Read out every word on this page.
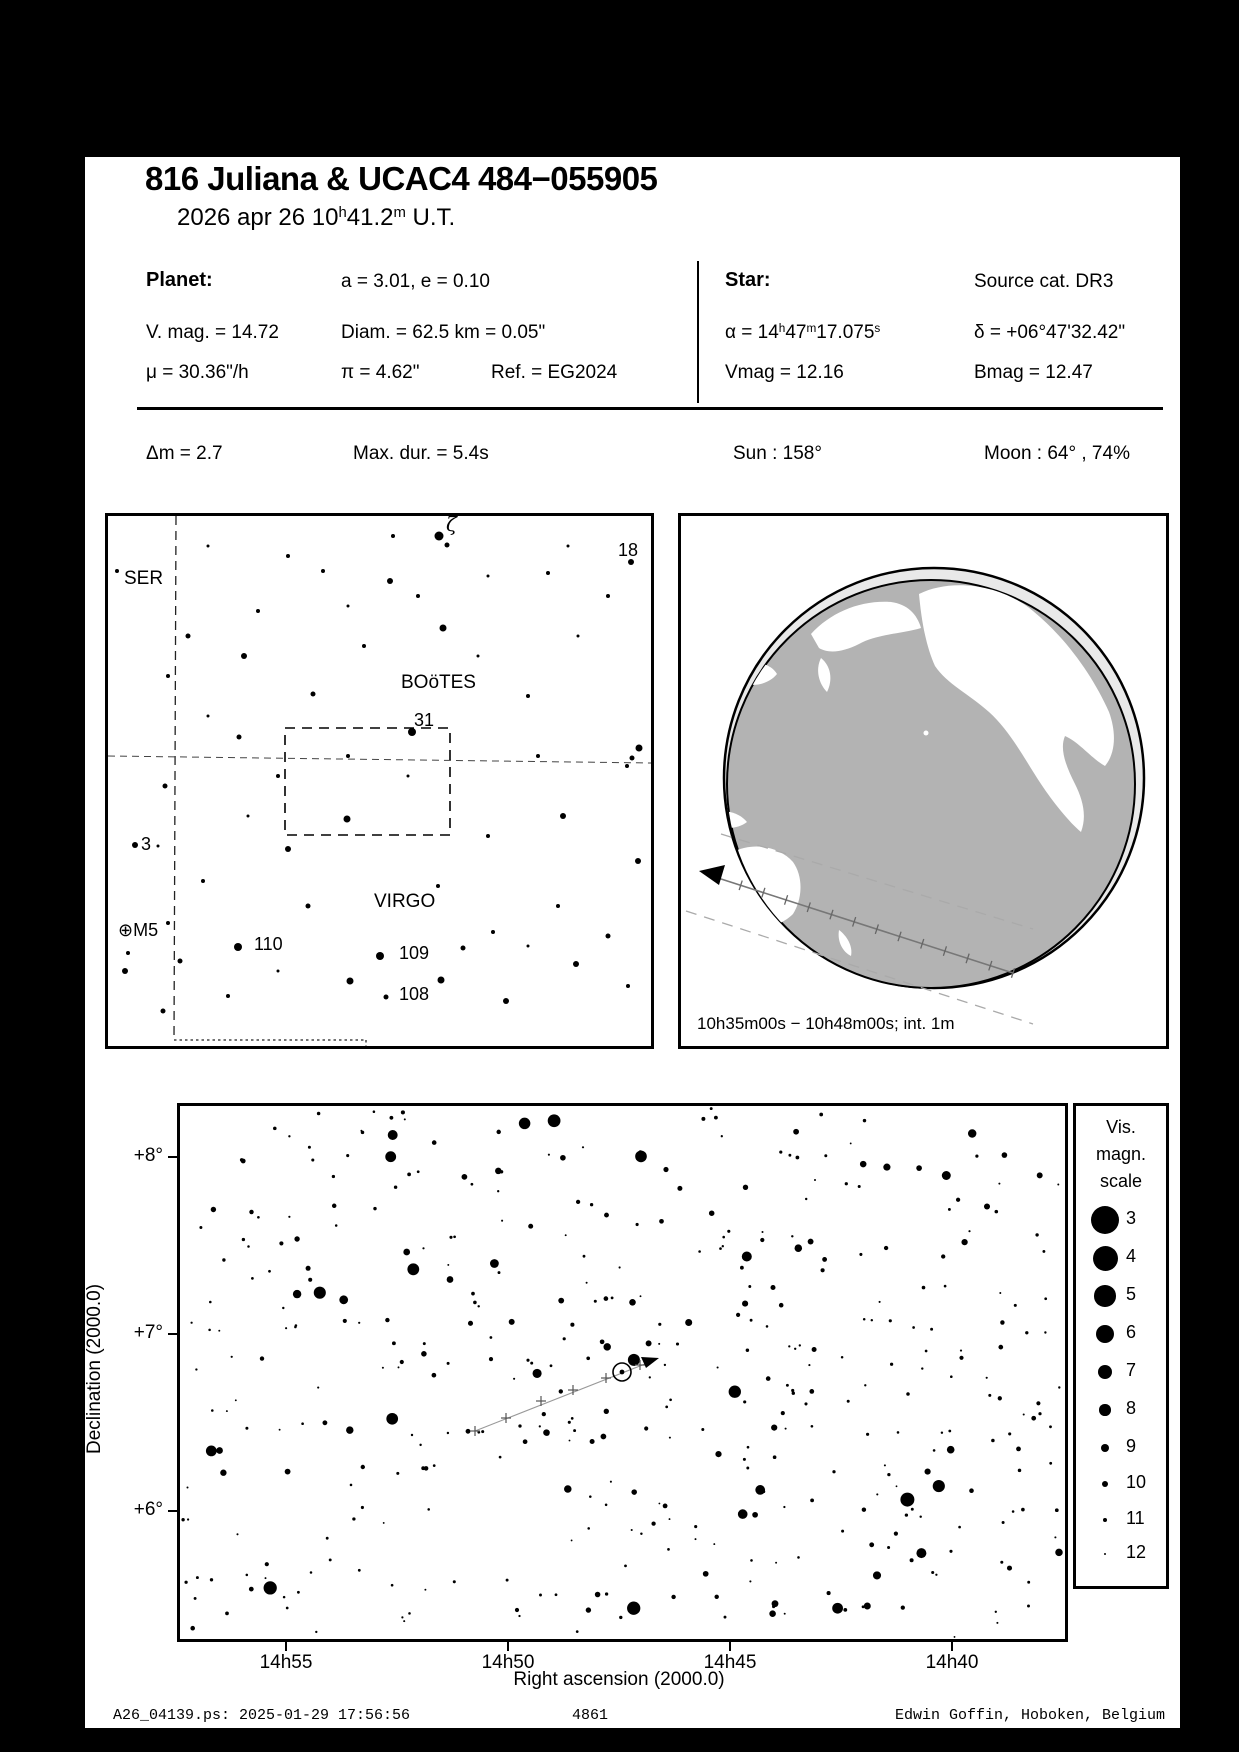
816 Juliana & UCAC4 484−055905
2026 apr 26 10$^h$41.2$^m$ U.T.
Planet:	a = 3.01, e = 0.10	Star:	Source cat. DR3
V. mag. = 14.72	Diam. = 62.5 km = 0.05"	$\alpha = 14^h47^m17.075^s$	δ = +06°47'32.42"
μ = 30.36"/h	π = 4.62"	Ref. = EG2024	Vmag = 12.16	Bmag = 12.47
Δm = 2.7	Max. dur. = 5.4s	Sun : 158°	Moon : 64° , 74%
SER
BOöTES
VIRGO
ζ
18
31
3
⊕M5
110	109
108
10h35m00s − 10h48m00s; int. 1m
14h55	14h50	14h45	14h40
+8°
+7°
+6°
Right ascension (2000.0)
Declination (2000.0)
Vis.
magn.
scale
3
4
5
6
7
8
9
10
11
12
A26_04139.ps: 2025-01-29 17:56:56	4861	Edwin Goffin, Hoboken, Belgium
